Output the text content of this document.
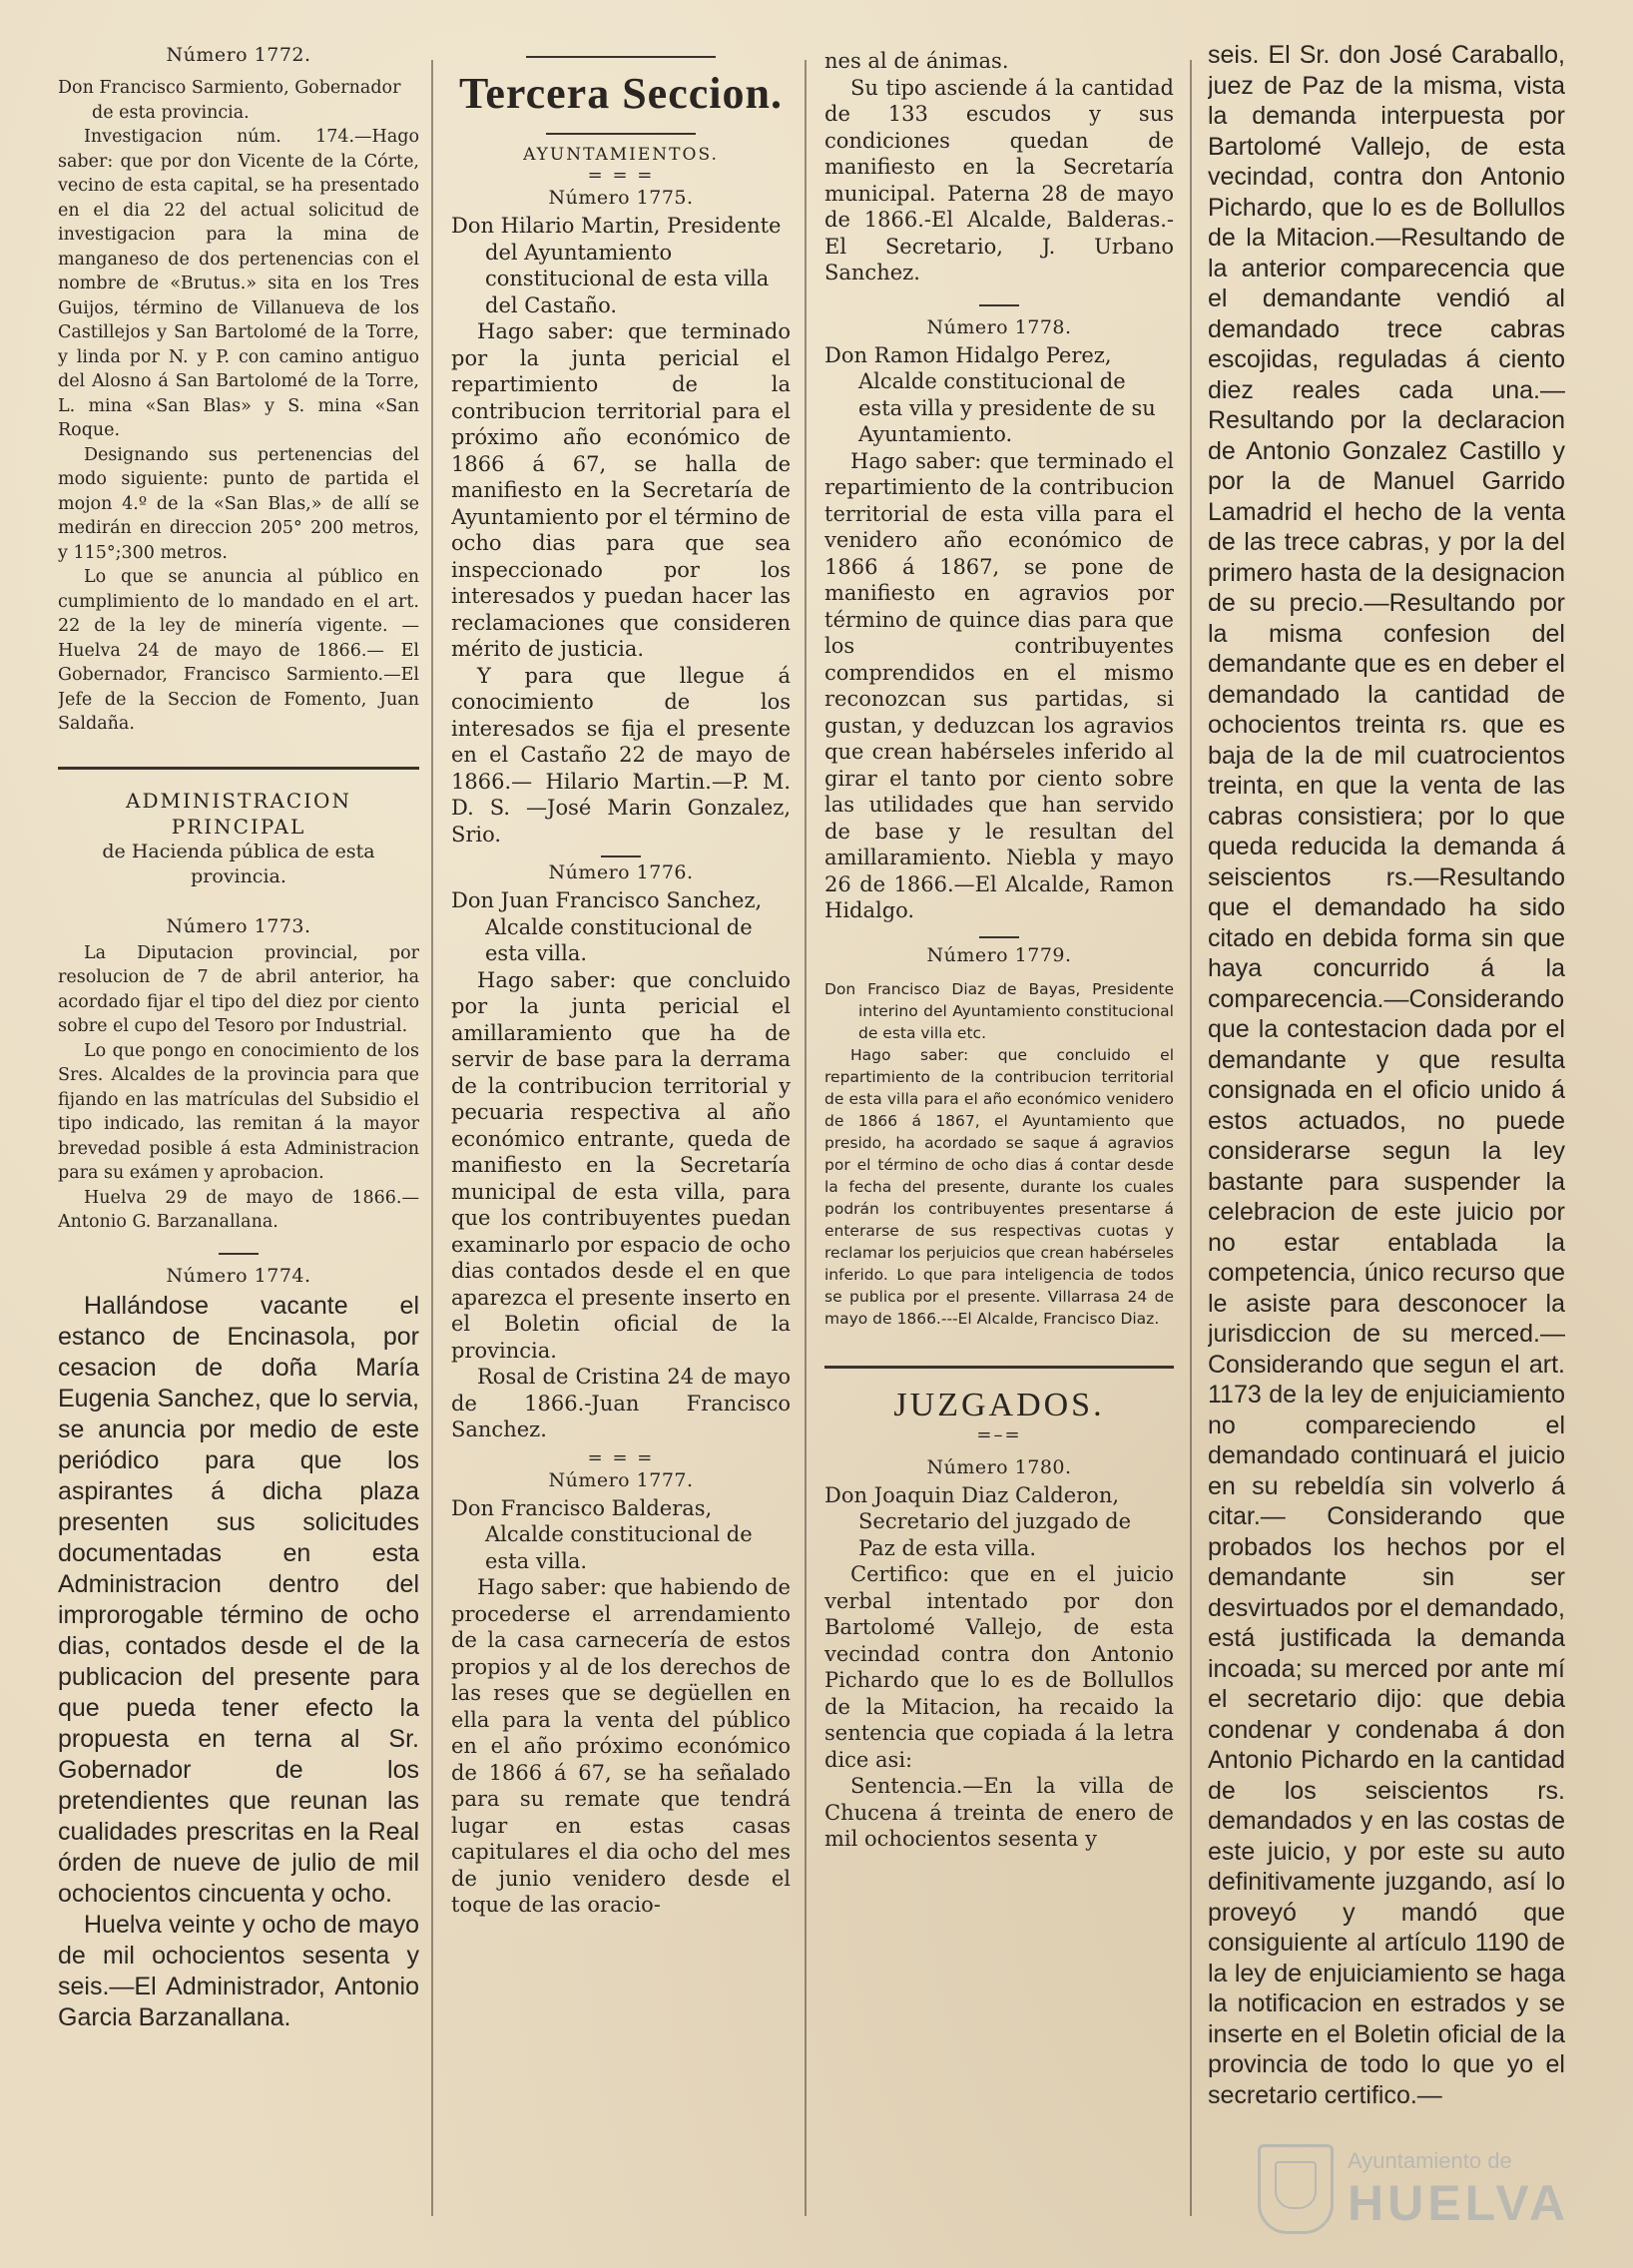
Número 1772.

Don Francisco Sarmiento, Gobernador de esta provincia.

Investigacion núm. 174.—Hago saber: que por don Vicente de la Córte, vecino de esta capital, se ha presentado en el dia 22 del actual solicitud de investigacion para la mina de manganeso de dos pertenencias con el nombre de «Brutus.» sita en los Tres Guijos, término de Villanueva de los Castillejos y San Bartolomé de la Torre, y linda por N. y P. con camino antiguo del Alosno á San Bartolomé de la Torre, L. mina «San Blas» y S. mina «San Roque.

Designando sus pertenencias del modo siguiente: punto de partida el mojon 4.º de la «San Blas,» de allí se medirán en direccion 205° 200 metros, y 115°;300 metros.

Lo que se anuncia al público en cumplimiento de lo mandado en el art. 22 de la ley de minería vigente. —Huelva 24 de mayo de 1866.— El Gobernador, Francisco Sarmiento.—El Jefe de la Seccion de Fomento, Juan Saldaña.

ADMINISTRACION PRINCIPAL

de Hacienda pública de esta provincia.

Número 1773.

La Diputacion provincial, por resolucion de 7 de abril anterior, ha acordado fijar el tipo del diez por ciento sobre el cupo del Tesoro por Industrial.

Lo que pongo en conocimiento de los Sres. Alcaldes de la provincia para que fijando en las matrículas del Subsidio el tipo indicado, las remitan á la mayor brevedad posible á esta Administracion para su exámen y aprobacion.

Huelva 29 de mayo de 1866.— Antonio G. Barzanallana.

Número 1774.

Hallándose vacante el estanco de Encinasola, por cesacion de doña María Eugenia Sanchez, que lo servia, se anuncia por medio de este periódico para que los aspirantes á dicha plaza presenten sus solicitudes documentadas en esta Administracion dentro del improrogable término de ocho dias, contados desde el de la publicacion del presente para que pueda tener efecto la propuesta en terna al Sr. Gobernador de los pretendientes que reunan las cualidades prescritas en la Real órden de nueve de julio de mil ochocientos cincuenta y ocho.

Huelva veinte y ocho de mayo de mil ochocientos sesenta y seis.—El Administrador, Antonio Garcia Barzanallana.

Tercera Seccion.

AYUNTAMIENTOS.

= = =

Número 1775.

Don Hilario Martin, Presidente del Ayuntamiento constitucional de esta villa del Castaño.

Hago saber: que terminado por la junta pericial el repartimiento de la contribucion territorial para el próximo año económico de 1866 á 67, se halla de manifiesto en la Secretaría de Ayuntamiento por el término de ocho dias para que sea inspeccionado por los interesados y puedan hacer las reclamaciones que consideren mérito de justicia.

Y para que llegue á conocimiento de los interesados se fija el presente en el Castaño 22 de mayo de 1866.— Hilario Martin.—P. M. D. S. —José Marin Gonzalez, Srio.

Número 1776.

Don Juan Francisco Sanchez, Alcalde constitucional de esta villa.

Hago saber: que concluido por la junta pericial el amillaramiento que ha de servir de base para la derrama de la contribucion territorial y pecuaria respectiva al año económico entrante, queda de manifiesto en la Secretaría municipal de esta villa, para que los contribuyentes puedan examinarlo por espacio de ocho dias contados desde el en que aparezca el presente inserto en el Boletin oficial de la provincia.

Rosal de Cristina 24 de mayo de 1866.-Juan Francisco Sanchez.

= = =

Número 1777.

Don Francisco Balderas, Alcalde constitucional de esta villa.

Hago saber: que habiendo de procederse el arrendamiento de la casa carnecería de estos propios y al de los derechos de las reses que se degüellen en ella para la venta del público en el año próximo económico de 1866 á 67, se ha señalado para su remate que tendrá lugar en estas casas capitulares el dia ocho del mes de junio venidero desde el toque de las oracio-

nes al de ánimas.

Su tipo asciende á la cantidad de 133 escudos y sus condiciones quedan de manifiesto en la Secretaría municipal. Paterna 28 de mayo de 1866.-El Alcalde, Balderas.-El Secretario, J. Urbano Sanchez.

Número 1778.

Don Ramon Hidalgo Perez, Alcalde constitucional de esta villa y presidente de su Ayuntamiento.

Hago saber: que terminado el repartimiento de la contribucion territorial de esta villa para el venidero año económico de 1866 á 1867, se pone de manifiesto en agravios por término de quince dias para que los contribuyentes comprendidos en el mismo reconozcan sus partidas, si gustan, y deduzcan los agravios que crean habérseles inferido al girar el tanto por ciento sobre las utilidades que han servido de base y le resultan del amillaramiento. Niebla y mayo 26 de 1866.—El Alcalde, Ramon Hidalgo.

Número 1779.

Don Francisco Diaz de Bayas, Presidente interino del Ayuntamiento constitucional de esta villa etc.

Hago saber: que concluido el repartimiento de la contribucion territorial de esta villa para el año económico venidero de 1866 á 1867, el Ayuntamiento que presido, ha acordado se saque á agravios por el término de ocho dias á contar desde la fecha del presente, durante los cuales podrán los contribuyentes presentarse á enterarse de sus respectivas cuotas y reclamar los perjuicios que crean habérseles inferido. Lo que para inteligencia de todos se publica por el presente. Villarrasa 24 de mayo de 1866.---El Alcalde, Francisco Diaz.

JUZGADOS.

=–=

Número 1780.

Don Joaquin Diaz Calderon, Secretario del juzgado de Paz de esta villa.

Certifico: que en el juicio verbal intentado por don Bartolomé Vallejo, de esta vecindad contra don Antonio Pichardo que lo es de Bollullos de la Mitacion, ha recaido la sentencia que copiada á la letra dice asi:

Sentencia.—En la villa de Chucena á treinta de enero de mil ochocientos sesenta y

seis. El Sr. don José Caraballo, juez de Paz de la misma, vista la demanda interpuesta por Bartolomé Vallejo, de esta vecindad, contra don Antonio Pichardo, que lo es de Bollullos de la Mitacion.—Resultando de la anterior comparecencia que el demandante vendió al demandado trece cabras escojidas, reguladas á ciento diez reales cada una.—Resultando por la declaracion de Antonio Gonzalez Castillo y por la de Manuel Garrido Lamadrid el hecho de la venta de las trece cabras, y por la del primero hasta de la designacion de su precio.—Resultando por la misma confesion del demandante que es en deber el demandado la cantidad de ochocientos treinta rs. que es baja de la de mil cuatrocientos treinta, en que la venta de las cabras consistiera; por lo que queda reducida la demanda á seiscientos rs.—Resultando que el demandado ha sido citado en debida forma sin que haya concurrido á la comparecencia.—Considerando que la contestacion dada por el demandante y que resulta consignada en el oficio unido á estos actuados, no puede considerarse segun la ley bastante para suspender la celebracion de este juicio por no estar entablada la competencia, único recurso que le asiste para desconocer la jurisdiccion de su merced.—Considerando que segun el art. 1173 de la ley de enjuiciamiento no compareciendo el demandado continuará el juicio en su rebeldía sin volverlo á citar.— Considerando que probados los hechos por el demandante sin ser desvirtuados por el demandado, está justificada la demanda incoada; su merced por ante mí el secretario dijo: que debia condenar y condenaba á don Antonio Pichardo en la cantidad de los seiscientos rs. demandados y en las costas de este juicio, y por este su auto definitivamente juzgando, así lo proveyó y mandó que consiguiente al artículo 1190 de la ley de enjuiciamiento se haga la notificacion en estrados y se inserte en el Boletin oficial de la provincia de todo lo que yo el secretario certifico.—

Ayuntamiento de
HUELVA
